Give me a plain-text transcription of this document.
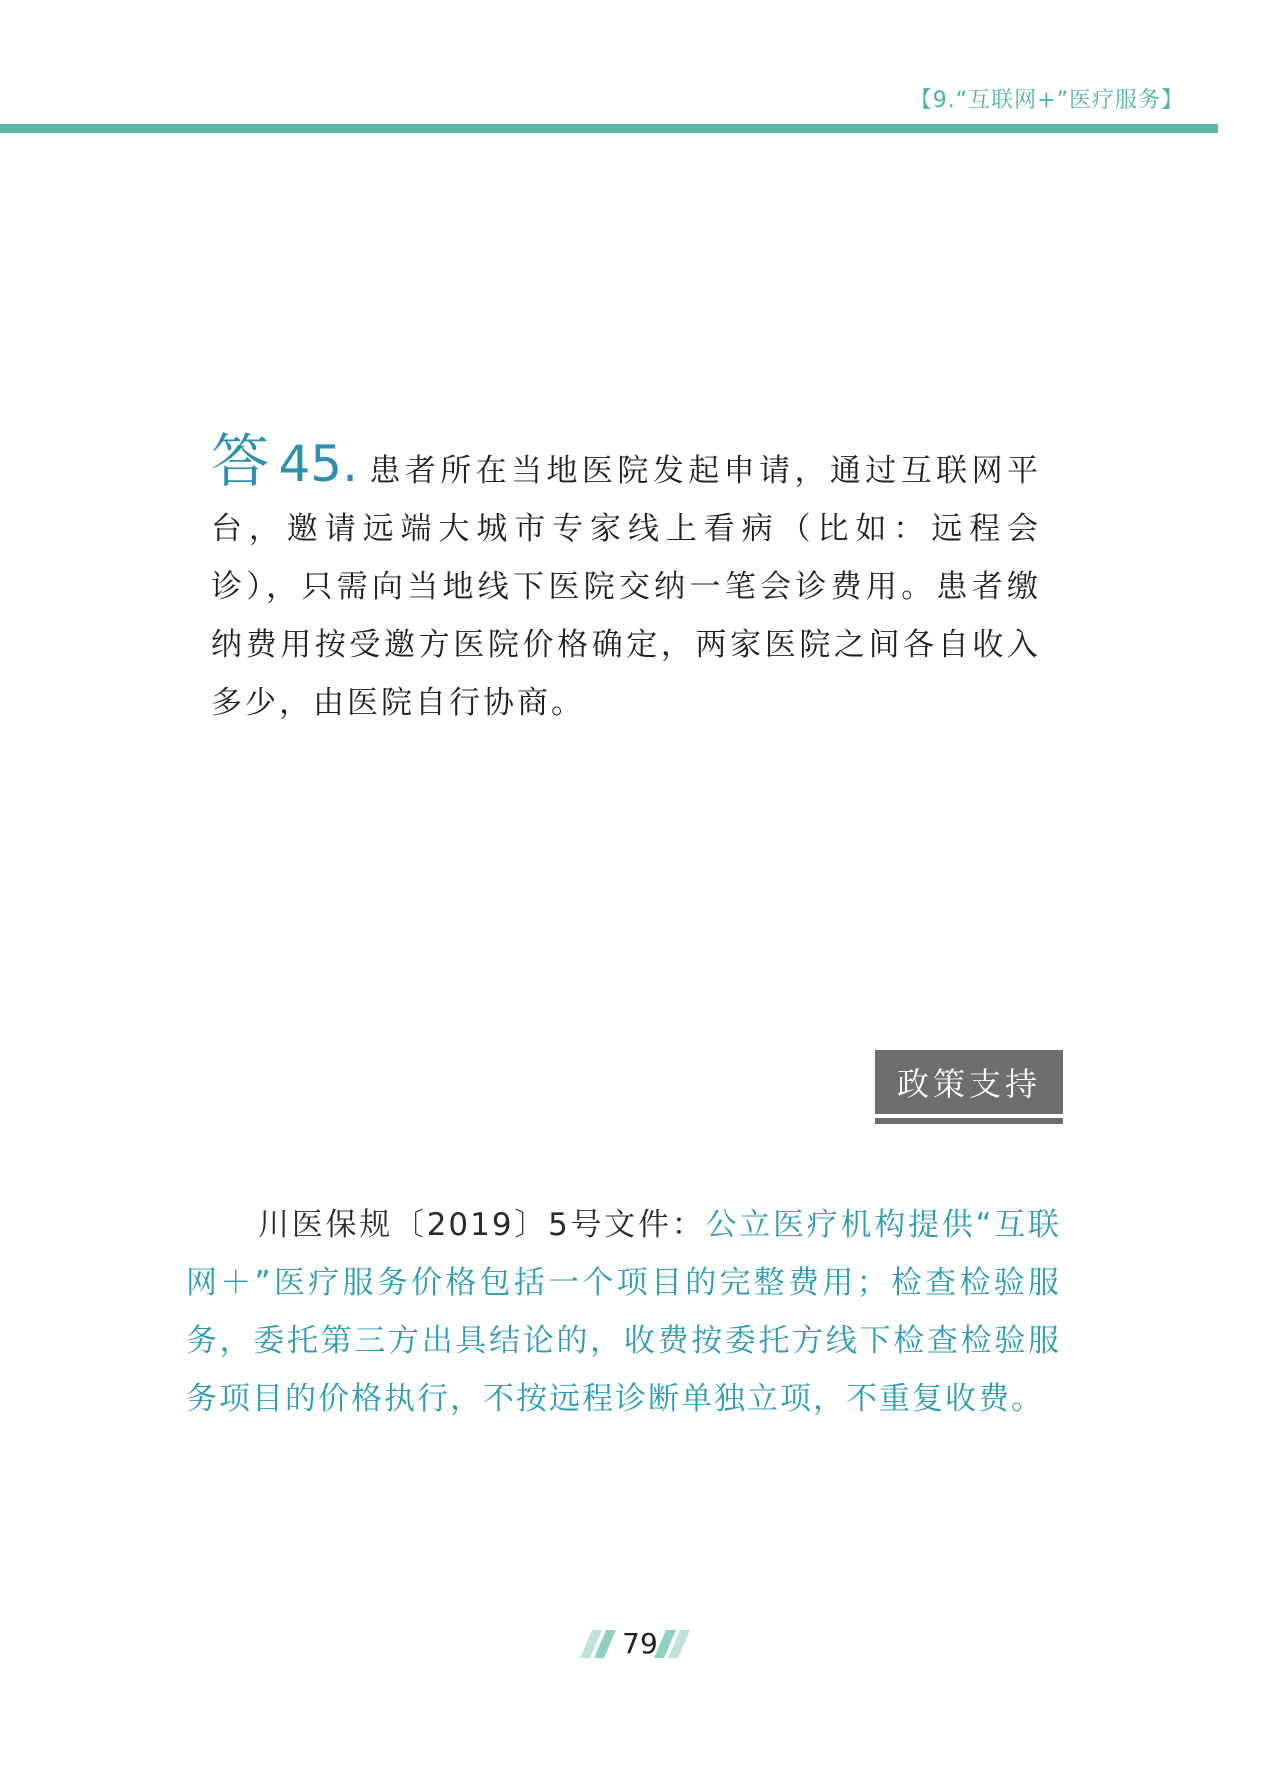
【9.“互联网+”医疗服务】
答 45. 患者所在当地医院发起申请，通过互联网平台，邀请远端大城市专家线上看病（比如：远程会诊），只需向当地线下医院交纳一笔会诊费用。患者缴纳费用按受邀方医院价格确定，两家医院之间各自收入多少，由医院自行协商。
政策支持
川医保规〔2019〕5号文件：公立医疗机构提供“互联网＋”医疗服务价格包括一个项目的完整费用；检查检验服务，委托第三方出具结论的，收费按委托方线下检查检验服务项目的价格执行，不按远程诊断单独立项，不重复收费。
79
